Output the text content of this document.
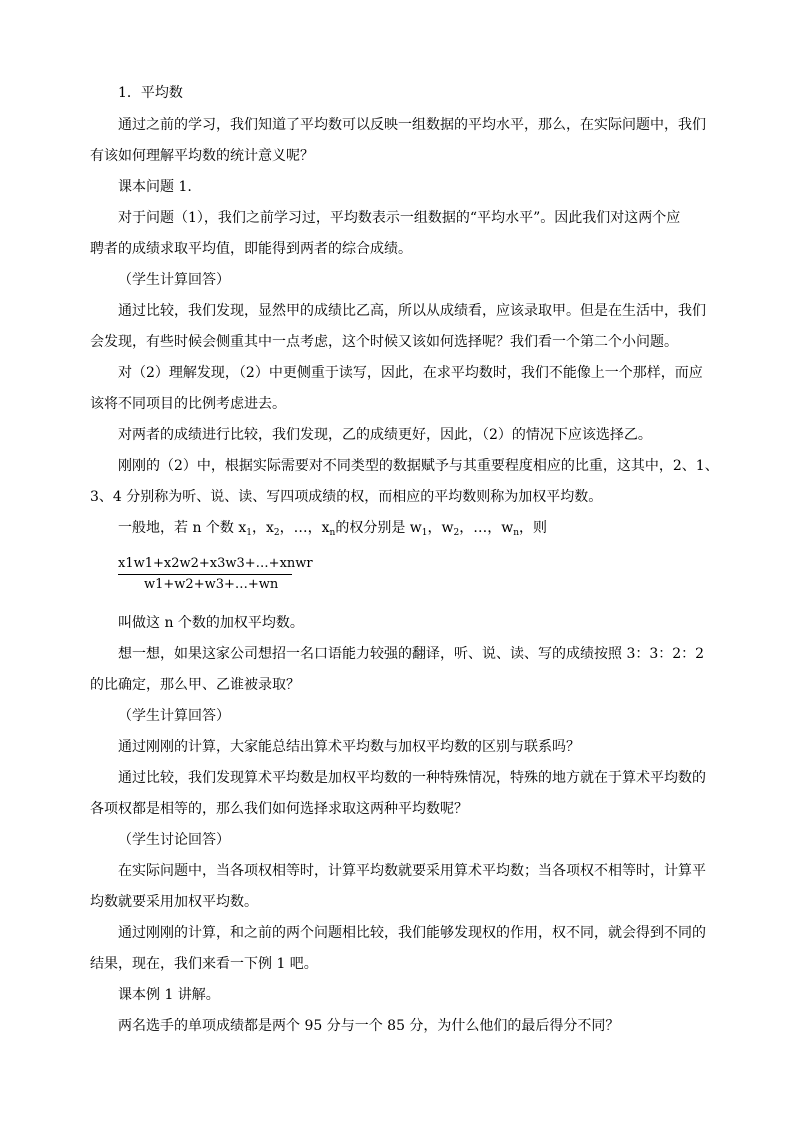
1．平均数
通过之前的学习，我们知道了平均数可以反映一组数据的平均水平，那么，在实际问题中，我们
有该如何理解平均数的统计意义呢？
课本问题 1.
对于问题（1），我们之前学习过，平均数表示一组数据的“平均水平”。因此我们对这两个应
聘者的成绩求取平均值，即能得到两者的综合成绩。
（学生计算回答）
通过比较，我们发现，显然甲的成绩比乙高，所以从成绩看，应该录取甲。但是在生活中，我们
会发现，有些时候会侧重其中一点考虑，这个时候又该如何选择呢？我们看一个第二个小问题。
对（2）理解发现，（2）中更侧重于读写，因此，在求平均数时，我们不能像上一个那样，而应
该将不同项目的比例考虑进去。
对两者的成绩进行比较，我们发现，乙的成绩更好，因此，（2）的情况下应该选择乙。
刚刚的（2）中，根据实际需要对不同类型的数据赋予与其重要程度相应的比重，这其中，2、1、
3、4 分别称为听、说、读、写四项成绩的权，而相应的平均数则称为加权平均数。
一般地，若 n 个数 $x_1$，$x_2$，…，$x_n$的权分别是 $w_1$，$w_2$，…，$w_n$，则
x1w1+x2w2+x3w3+…+xnwr
w1+w2+w3+…+wn
叫做这 n 个数的加权平均数。
想一想，如果这家公司想招一名口语能力较强的翻译，听、说、读、写的成绩按照 3：3：2：2
的比确定，那么甲、乙谁被录取？
（学生计算回答）
通过刚刚的计算，大家能总结出算术平均数与加权平均数的区别与联系吗？
通过比较，我们发现算术平均数是加权平均数的一种特殊情况，特殊的地方就在于算术平均数的
各项权都是相等的，那么我们如何选择求取这两种平均数呢？
（学生讨论回答）
在实际问题中，当各项权相等时，计算平均数就要采用算术平均数；当各项权不相等时，计算平
均数就要采用加权平均数。
通过刚刚的计算，和之前的两个问题相比较，我们能够发现权的作用，权不同，就会得到不同的
结果，现在，我们来看一下例 1 吧。
课本例 1 讲解。
两名选手的单项成绩都是两个 95 分与一个 85 分，为什么他们的最后得分不同？
